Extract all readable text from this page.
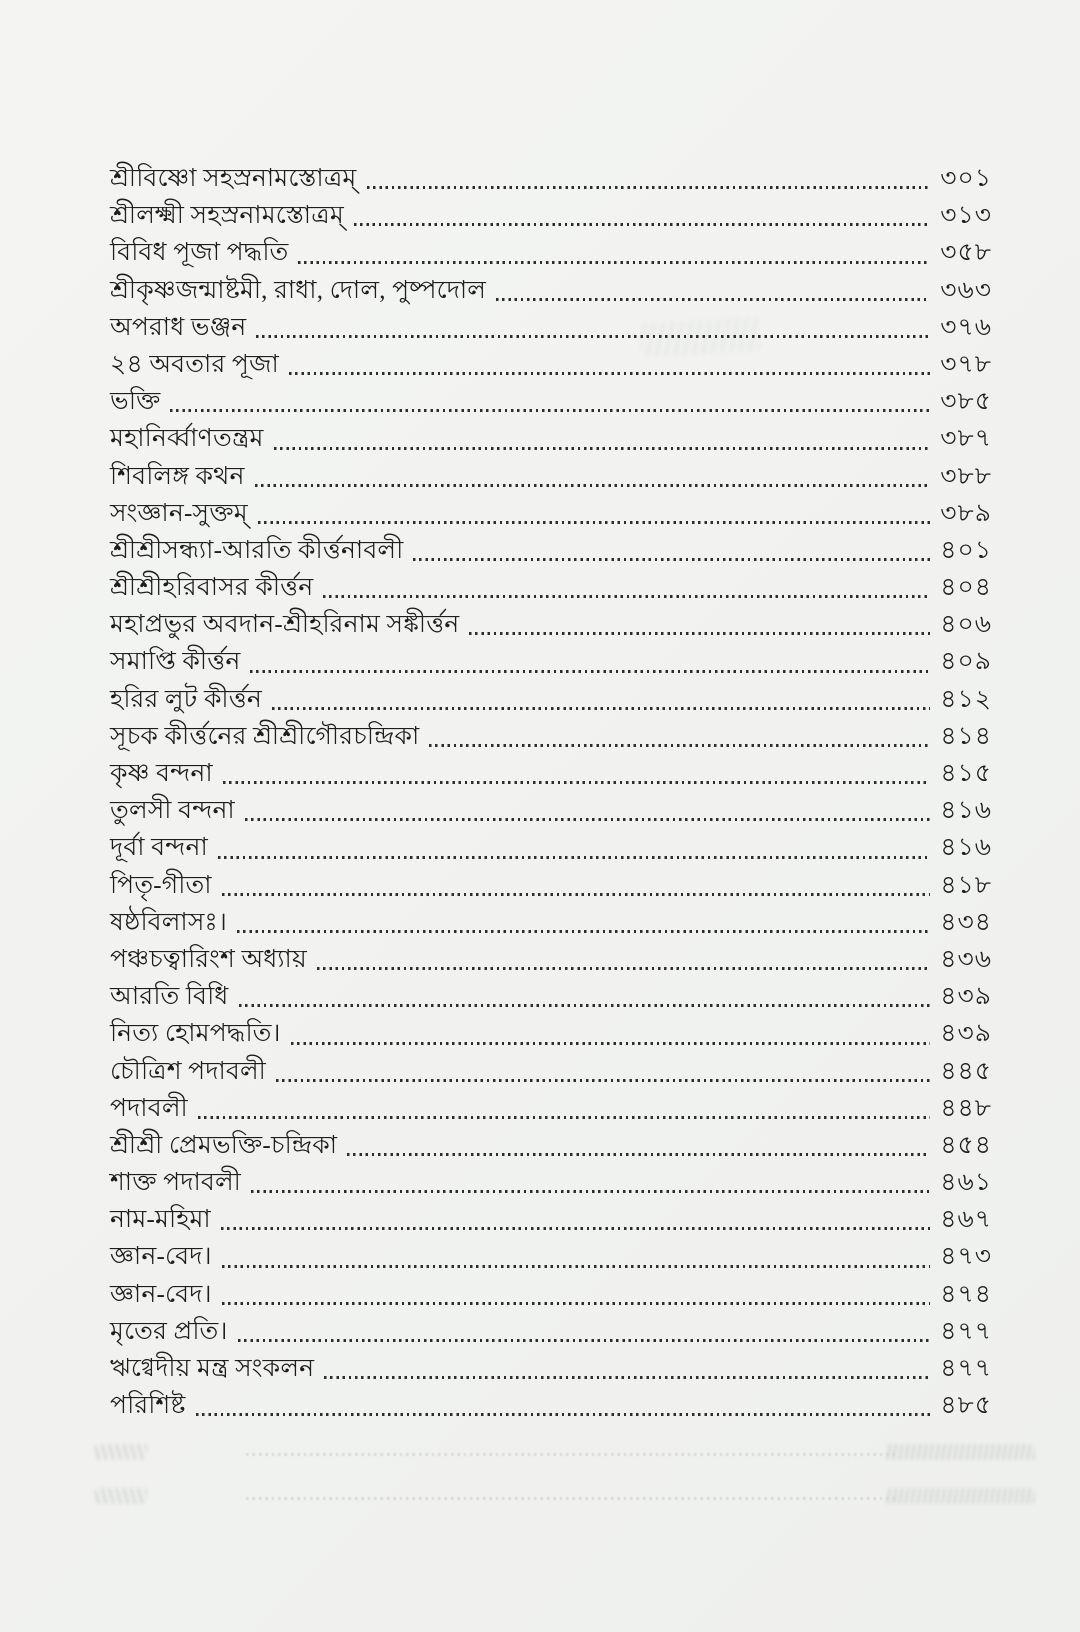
শ্রীবিষ্ণো সহস্রনামস্তোত্রম্	৩০১
শ্রীলক্ষ্মী সহস্রনামস্তোত্রম্	৩১৩
বিবিধ পূজা পদ্ধতি	৩৫৮
শ্রীকৃষ্ণজন্মাষ্টমী, রাধা, দোল, পুষ্পদোল	৩৬৩
অপরাধ ভঞ্জন	৩৭৬
২৪ অবতার পূজা	৩৭৮
ভক্তি	৩৮৫
মহানির্ব্বাণতন্ত্রম	৩৮৭
শিবলিঙ্গ কথন	৩৮৮
সংজ্ঞান-সুক্তম্	৩৮৯
শ্রীশ্রীসন্ধ্যা-আরতি কীর্ত্তনাবলী	৪০১
শ্রীশ্রীহরিবাসর কীর্ত্তন	৪০৪
মহাপ্রভুর অবদান-শ্রীহরিনাম সঙ্কীর্ত্তন	৪০৬
সমাপ্তি কীর্ত্তন	৪০৯
হরির লুট কীর্ত্তন	৪১২
সূচক কীর্ত্তনের শ্রীশ্রীগৌরচন্দ্রিকা	৪১৪
কৃষ্ণ বন্দনা	৪১৫
তুলসী বন্দনা	৪১৬
দূর্বা বন্দনা	৪১৬
পিতৃ-গীতা	৪১৮
ষষ্ঠবিলাসঃ।	৪৩৪
পঞ্চচত্বারিংশ অধ্যায়	৪৩৬
আরতি বিধি	৪৩৯
নিত্য হোমপদ্ধতি।	৪৩৯
চৌত্রিশ পদাবলী	৪৪৫
পদাবলী	৪৪৮
শ্রীশ্রী প্রেমভক্তি-চন্দ্রিকা	৪৫৪
শাক্ত পদাবলী	৪৬১
নাম-মহিমা	৪৬৭
জ্ঞান-বেদ।	৪৭৩
জ্ঞান-বেদ।	৪৭৪
মৃতের প্রতি।	৪৭৭
ঋগ্বেদীয় মন্ত্র সংকলন	৪৭৭
পরিশিষ্ট	৪৮৫
